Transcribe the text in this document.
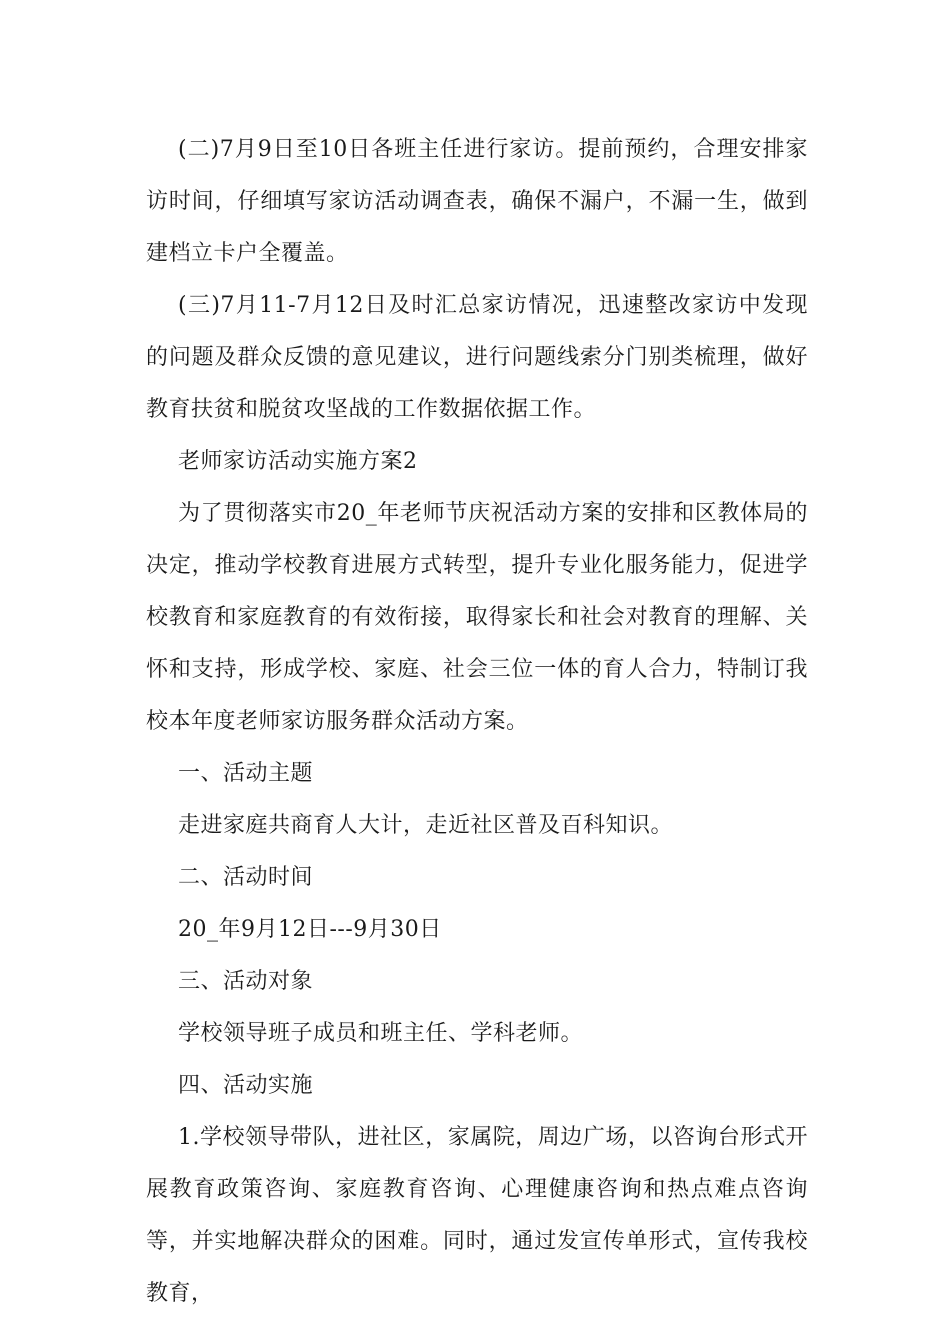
(二)7月9日至10日各班主任进行家访。提前预约，合理安排家访时间，仔细填写家访活动调查表，确保不漏户，不漏一生，做到建档立卡户全覆盖。

(三)7月11-7月12日及时汇总家访情况，迅速整改家访中发现的问题及群众反馈的意见建议，进行问题线索分门别类梳理，做好教育扶贫和脱贫攻坚战的工作数据依据工作。

老师家访活动实施方案2

为了贯彻落实市20_年老师节庆祝活动方案的安排和区教体局的决定，推动学校教育进展方式转型，提升专业化服务能力，促进学校教育和家庭教育的有效衔接，取得家长和社会对教育的理解、关怀和支持，形成学校、家庭、社会三位一体的育人合力，特制订我校本年度老师家访服务群众活动方案。

一、活动主题

走进家庭共商育人大计，走近社区普及百科知识。

二、活动时间

20_年9月12日---9月30日

三、活动对象

学校领导班子成员和班主任、学科老师。

四、活动实施

1.学校领导带队，进社区，家属院，周边广场，以咨询台形式开展教育政策咨询、家庭教育咨询、心理健康咨询和热点难点咨询等，并实地解决群众的困难。同时，通过发宣传单形式，宣传我校教育，
